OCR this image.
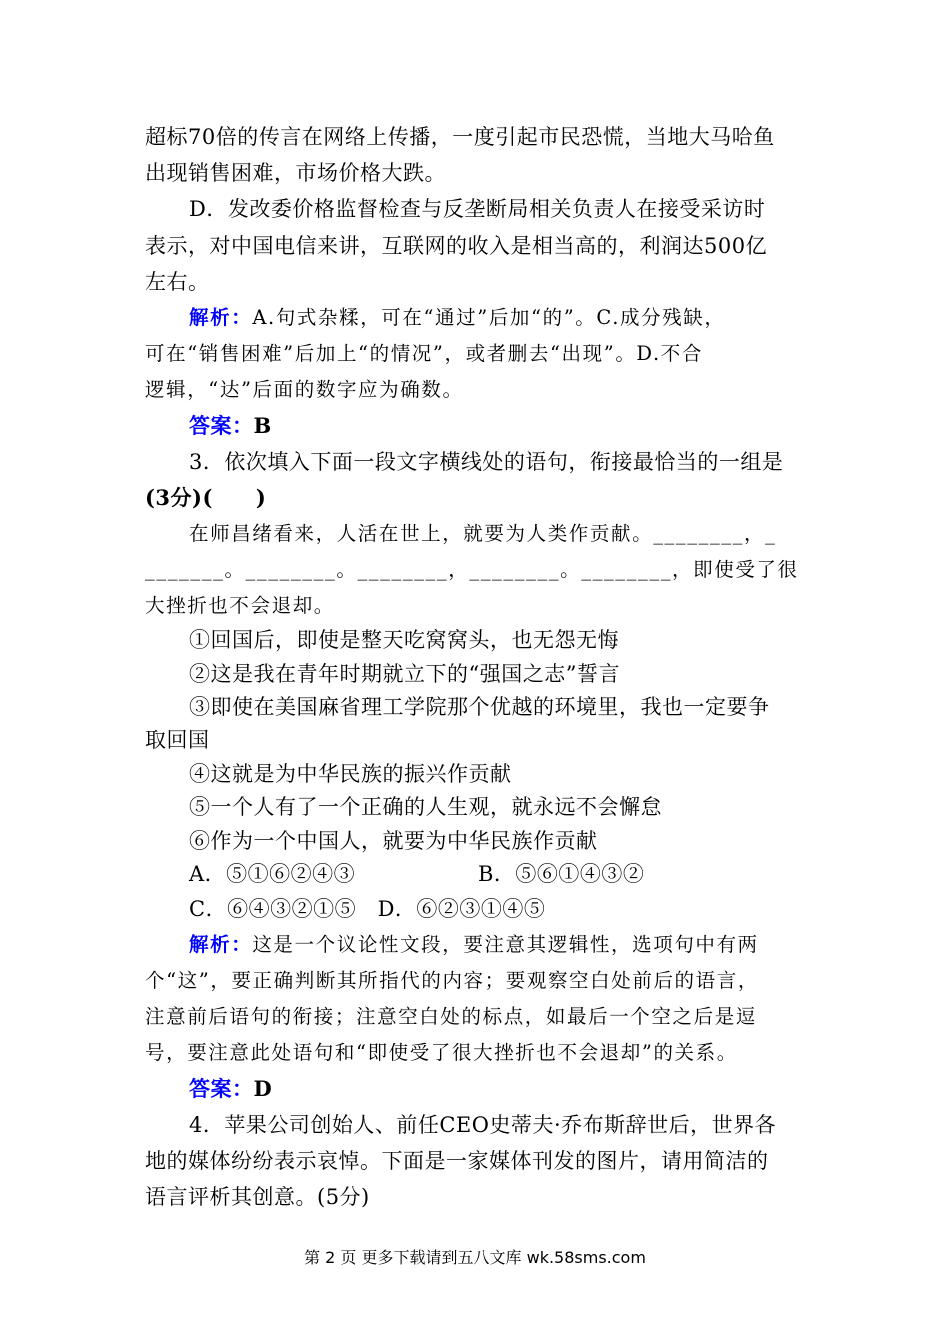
超标70倍的传言在网络上传播，一度引起市民恐慌，当地大马哈鱼
出现销售困难，市场价格大跌。
D．发改委价格监督检查与反垄断局相关负责人在接受采访时
表示，对中国电信来讲，互联网的收入是相当高的，利润达500亿
左右。
解析：A.句式杂糅，可在“通过”后加“的”。C.成分残缺，
可在“销售困难”后加上“的情况”，或者删去“出现”。D.不合
逻辑，“达”后面的数字应为确数。
答案：B
3．依次填入下面一段文字横线处的语句，衔接最恰当的一组是
(3分)(　　)
在师昌绪看来，人活在世上，就要为人类作贡献。________，_
_______。________。________，________。________，即使受了很
大挫折也不会退却。
①回国后，即使是整天吃窝窝头，也无怨无悔
②这是我在青年时期就立下的“强国之志”誓言
③即使在美国麻省理工学院那个优越的环境里，我也一定要争
取回国
④这就是为中华民族的振兴作贡献
⑤一个人有了一个正确的人生观，就永远不会懈怠
⑥作为一个中国人，就要为中华民族作贡献
A．⑤①⑥②④③	B．⑤⑥①④③②
C．⑥④③②①⑤　D．⑥②③①④⑤
解析：这是一个议论性文段，要注意其逻辑性，选项句中有两
个“这”，要正确判断其所指代的内容；要观察空白处前后的语言，
注意前后语句的衔接；注意空白处的标点，如最后一个空之后是逗
号，要注意此处语句和“即使受了很大挫折也不会退却”的关系。
答案：D
4．苹果公司创始人、前任CEO史蒂夫·乔布斯辞世后，世界各
地的媒体纷纷表示哀悼。下面是一家媒体刊发的图片，请用简洁的
语言评析其创意。(5分)
第 2 页 更多下载请到五八文库 wk.58sms.com
